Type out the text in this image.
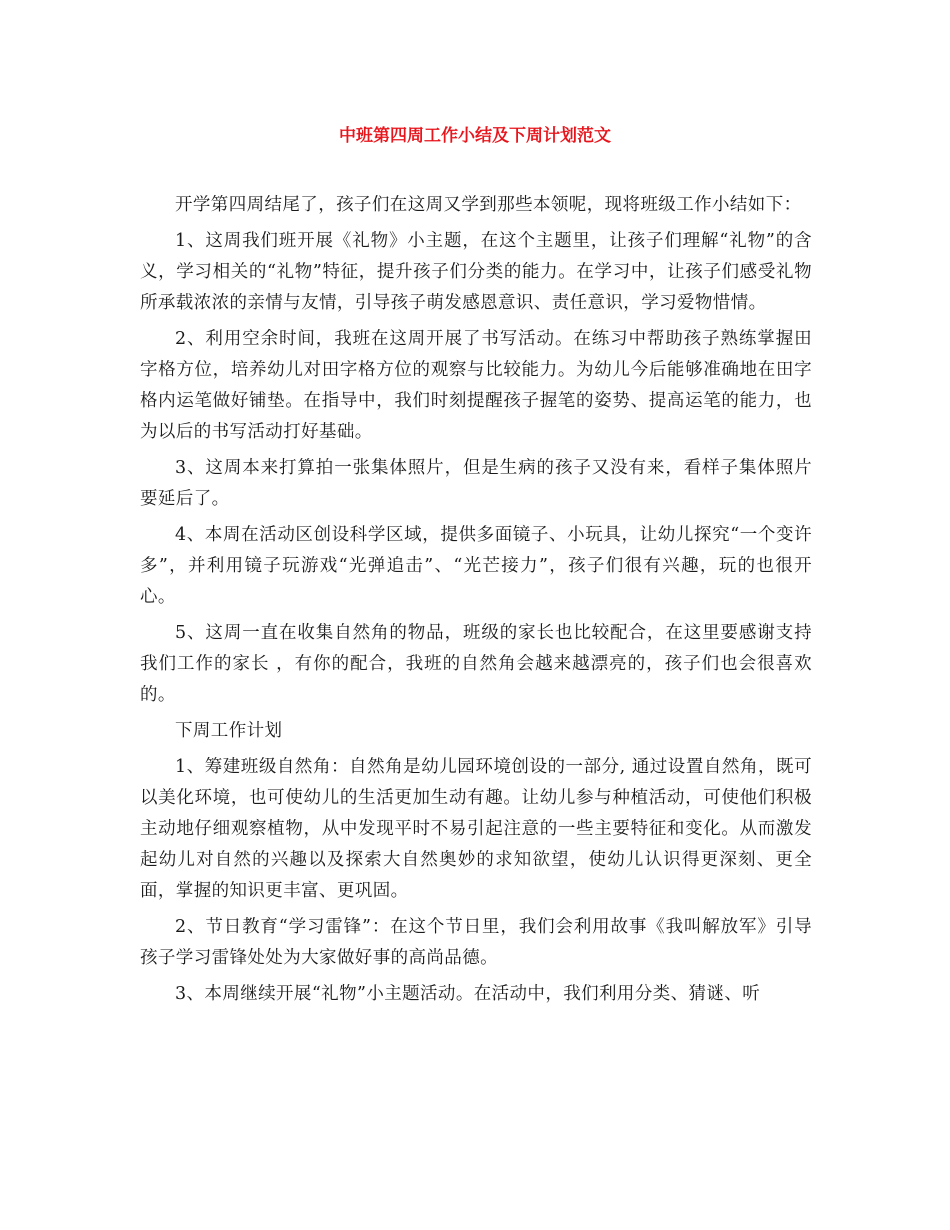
中班第四周工作小结及下周计划范文

开学第四周结尾了，孩子们在这周又学到那些本领呢，现将班级工作小结如下：

1、这周我们班开展《礼物》小主题，在这个主题里，让孩子们理解“礼物”的含义，学习相关的“礼物”特征，提升孩子们分类的能力。在学习中，让孩子们感受礼物所承载浓浓的亲情与友情，引导孩子萌发感恩意识、责任意识，学习爱物惜情。

2、利用空余时间，我班在这周开展了书写活动。在练习中帮助孩子熟练掌握田字格方位，培养幼儿对田字格方位的观察与比较能力。为幼儿今后能够准确地在田字格内运笔做好铺垫。在指导中，我们时刻提醒孩子握笔的姿势、提高运笔的能力，也为以后的书写活动打好基础。

3、这周本来打算拍一张集体照片，但是生病的孩子又没有来，看样子集体照片要延后了。

4、本周在活动区创设科学区域，提供多面镜子、小玩具，让幼儿探究“一个变许多”，并利用镜子玩游戏“光弹追击”、“光芒接力”，孩子们很有兴趣，玩的也很开心。

5、这周一直在收集自然角的物品，班级的家长也比较配合，在这里要感谢支持我们工作的家长 ，有你的配合，我班的自然角会越来越漂亮的，孩子们也会很喜欢的。

下周工作计划

1、筹建班级自然角：自然角是幼儿园环境创设的一部分, 通过设置自然角，既可以美化环境，也可使幼儿的生活更加生动有趣。让幼儿参与种植活动，可使他们积极主动地仔细观察植物，从中发现平时不易引起注意的一些主要特征和变化。从而激发起幼儿对自然的兴趣以及探索大自然奥妙的求知欲望，使幼儿认识得更深刻、更全面，掌握的知识更丰富、更巩固。

2、节日教育“学习雷锋”：在这个节日里，我们会利用故事《我叫解放军》引导孩子学习雷锋处处为大家做好事的高尚品德。

3、本周继续开展“礼物”小主题活动。在活动中，我们利用分类、猜谜、听
